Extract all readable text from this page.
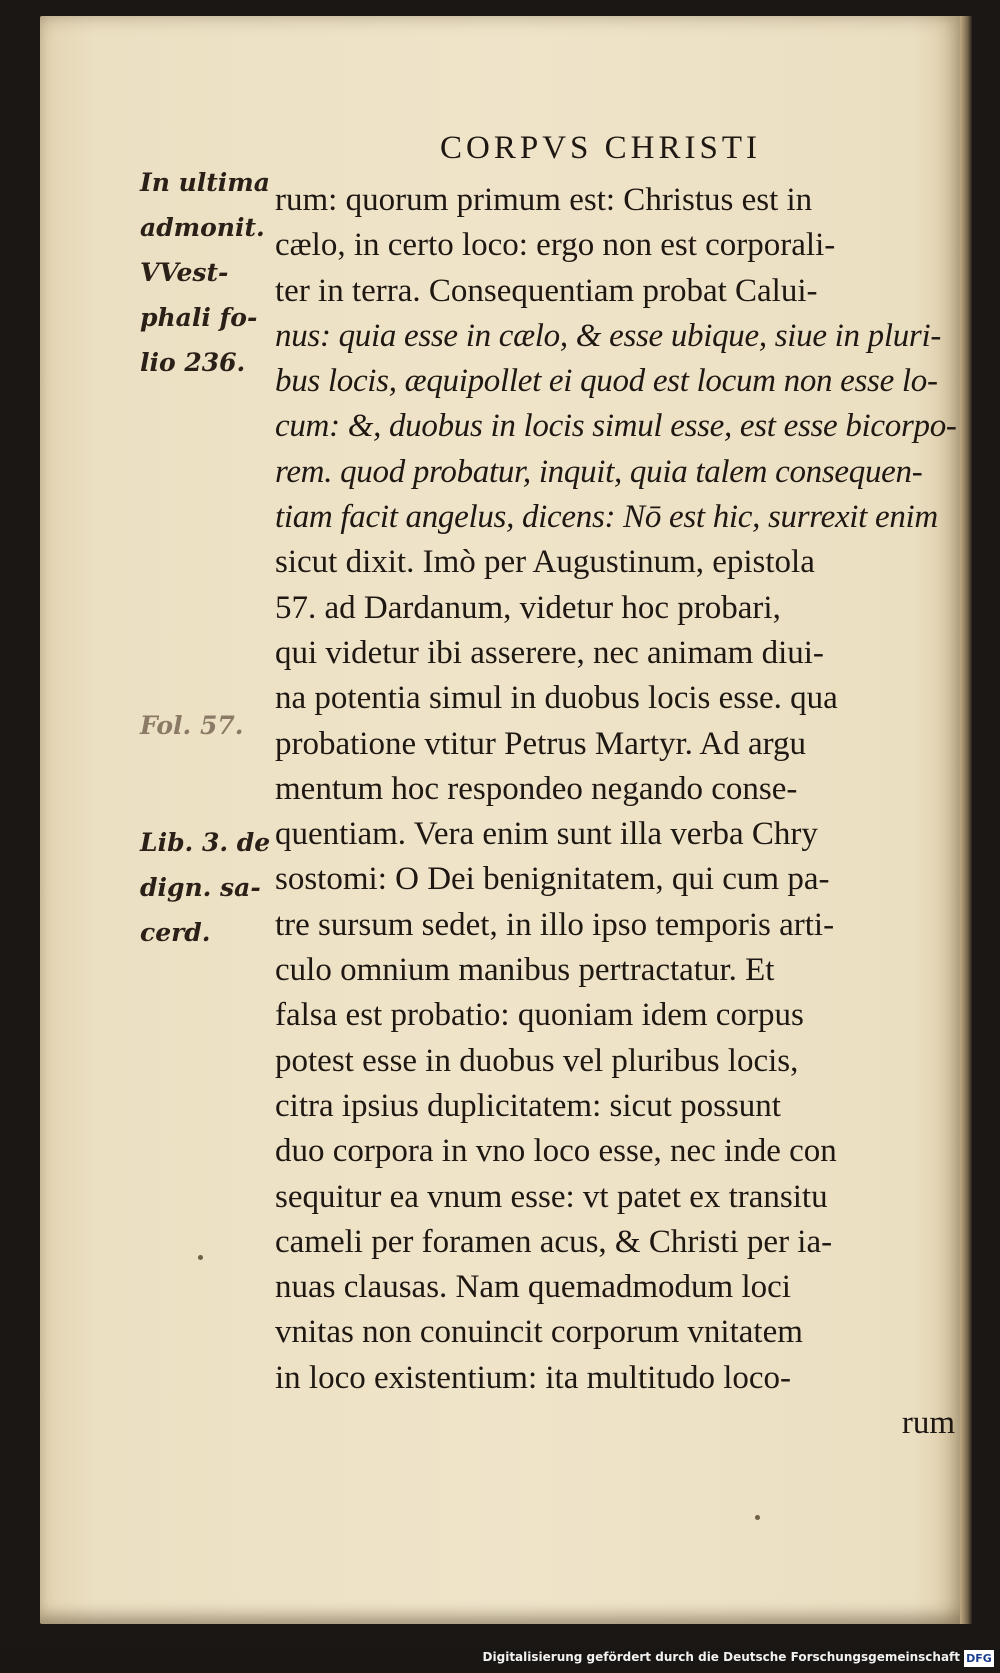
CORPVS CHRISTI
In ultima
admonit.
VVest-
phali fo-
lio 236.
Fol. 57.
Lib. 3. de
dign. sa-
cerd.
rum: quorum primum est: Christus est in
cælo, in certo loco: ergo non est corporali-
ter in terra. Consequentiam probat Calui-
nus: quia esse in cælo, & esse ubique, siue in pluri-
bus locis, æquipollet ei quod est locum non esse lo-
cum: &, duobus in locis simul esse, est esse bicorpo-
rem. quod probatur, inquit, quia talem consequen-
tiam facit angelus, dicens: Nō est hic, surrexit enim
sicut dixit. Imò per Augustinum, epistola
57. ad Dardanum, videtur hoc probari,
qui videtur ibi asserere, nec animam diui-
na potentia simul in duobus locis esse. qua
probatione vtitur Petrus Martyr. Ad argu
mentum hoc respondeo negando conse-
quentiam. Vera enim sunt illa verba Chry
sostomi: O Dei benignitatem, qui cum pa-
tre sursum sedet, in illo ipso temporis arti-
culo omnium manibus pertractatur. Et
falsa est probatio: quoniam idem corpus
potest esse in duobus vel pluribus locis,
citra ipsius duplicitatem: sicut possunt
duo corpora in vno loco esse, nec inde con
sequitur ea vnum esse: vt patet ex transitu
cameli per foramen acus, & Christi per ia-
nuas clausas. Nam quemadmodum loci
vnitas non conuincit corporum vnitatem
in loco existentium: ita multitudo loco-
rum
Digitalisierung gefördert durch die Deutsche Forschungsgemeinschaft DFG
